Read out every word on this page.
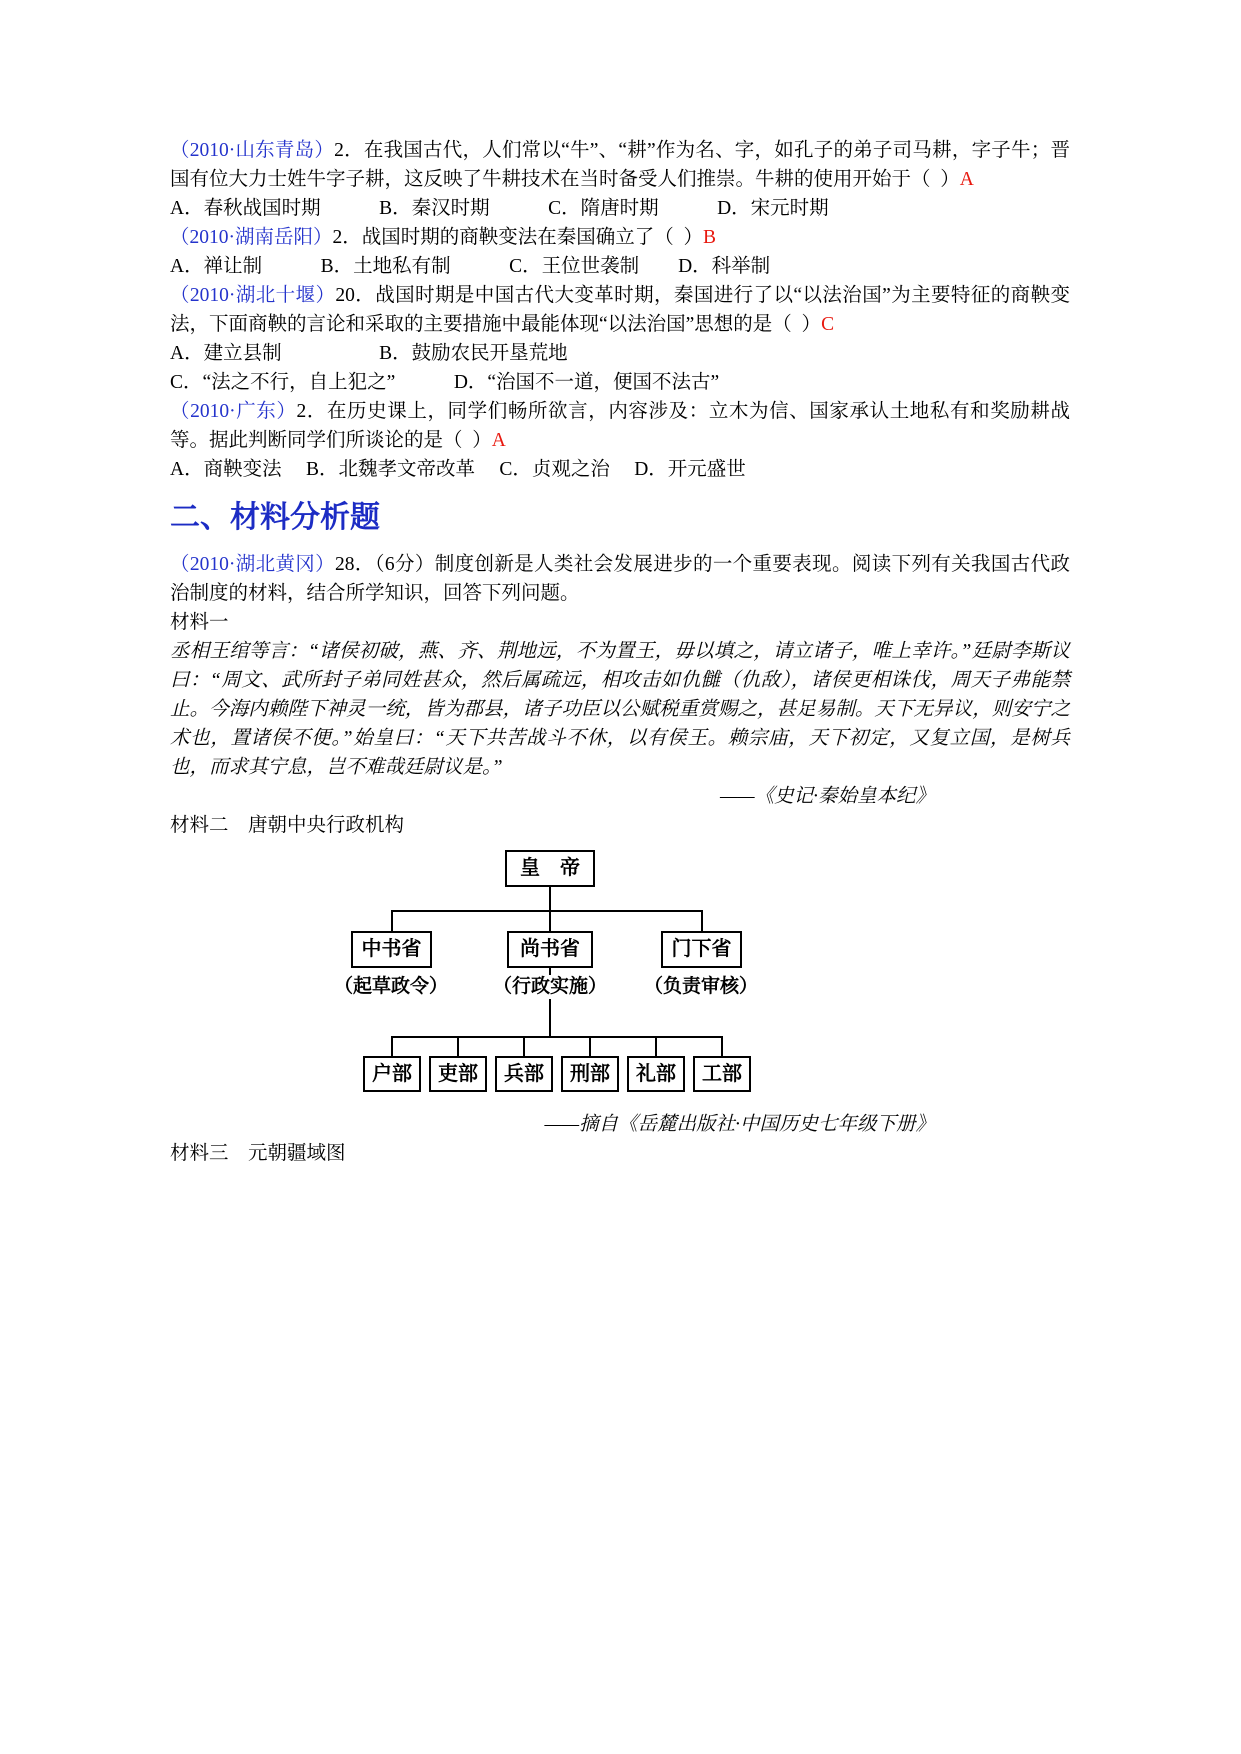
（2010·山东青岛）2．在我国古代，人们常以“牛”、“耕”作为名、字，如孔子的弟子司马耕，字子牛；晋国有位大力士姓牛字子耕，这反映了牛耕技术在当时备受人们推崇。牛耕的使用开始于（  ）A
A．春秋战国时期　　　B．秦汉时期　　　C．隋唐时期　　　D．宋元时期
（2010·湖南岳阳）2．战国时期的商鞅变法在秦国确立了（  ）B
A．禅让制　　　B．土地私有制　　　C．王位世袭制　　D．科举制
（2010·湖北十堰）20．战国时期是中国古代大变革时期，秦国进行了以“以法治国”为主要特征的商鞅变法，下面商鞅的言论和采取的主要措施中最能体现“以法治国”思想的是（  ）C
A．建立县制　　　　　B．鼓励农民开垦荒地
C．“法之不行，自上犯之”　　　D．“治国不一道，便国不法古”
（2010·广东）2．在历史课上，同学们畅所欲言，内容涉及：立木为信、国家承认土地私有和奖励耕战等。据此判断同学们所谈论的是（  ）A
A．商鞅变法　 B．北魏孝文帝改革　 C．贞观之治　 D．开元盛世
二、材料分析题
（2010·湖北黄冈）28．（6分）制度创新是人类社会发展进步的一个重要表现。阅读下列有关我国古代政治制度的材料，结合所学知识，回答下列问题。
材料一
丞相王绾等言：“诸侯初破，燕、齐、荆地远，不为置王，毋以填之，请立诸子，唯上幸许。”廷尉李斯议曰：“周文、武所封子弟同姓甚众，然后属疏远，相攻击如仇雠（仇敌），诸侯更相诛伐，周天子弗能禁止。今海内赖陛下神灵一统，皆为郡县，诸子功臣以公赋税重赏赐之，甚足易制。天下无异议，则安宁之术也，置诸侯不便。”始皇曰：“天下共苦战斗不休，以有侯王。赖宗庙，天下初定，又复立国，是树兵也，而求其宁息，岂不难哉廷尉议是。”
——《史记·秦始皇本纪》
材料二　唐朝中央行政机构
皇　帝
中书省	尚书省	门下省
（起草政令）	（行政实施）	（负责审核）
户部	吏部	兵部	刑部	礼部	工部
——摘自《岳麓出版社·中国历史七年级下册》
材料三　元朝疆域图
